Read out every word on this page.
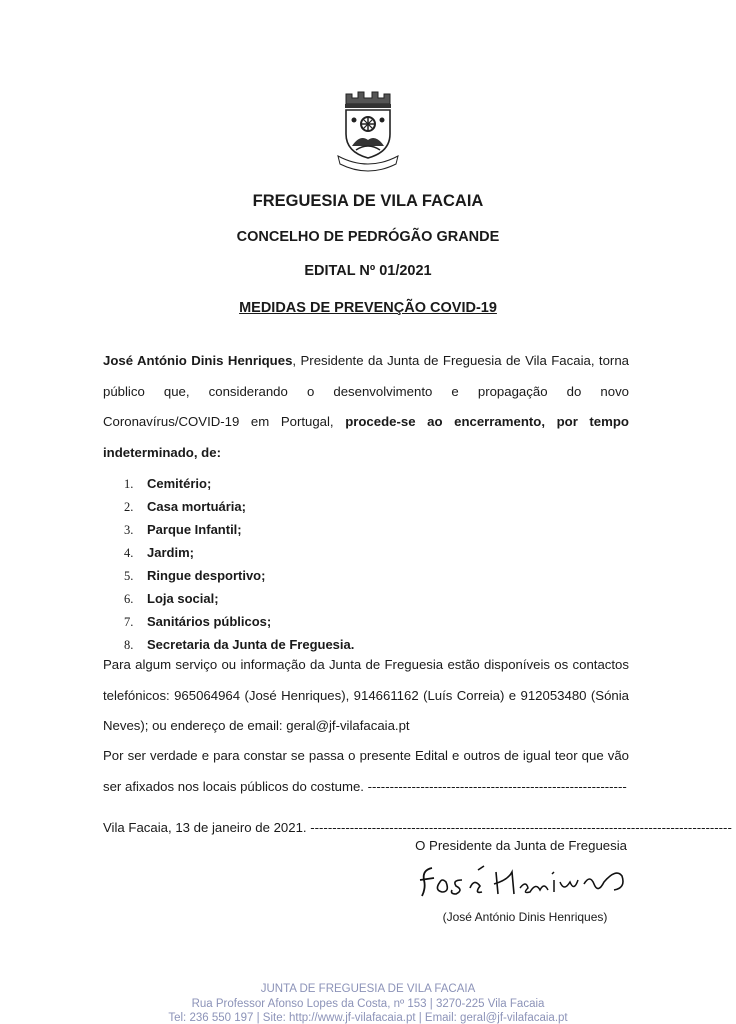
FREGUESIA DE VILA FACAIA
CONCELHO DE PEDRÓGÃO GRANDE
EDITAL Nº 01/2021
MEDIDAS DE PREVENÇÃO COVID-19
José António Dinis Henriques, Presidente da Junta de Freguesia de Vila Facaia, torna público que, considerando o desenvolvimento e propagação do novo Coronavírus/COVID-19 em Portugal, procede-se ao encerramento, por tempo indeterminado, de:
1. Cemitério;
2. Casa mortuária;
3. Parque Infantil;
4. Jardim;
5. Ringue desportivo;
6. Loja social;
7. Sanitários públicos;
8. Secretaria da Junta de Freguesia.
Para algum serviço ou informação da Junta de Freguesia estão disponíveis os contactos telefónicos: 965064964 (José Henriques), 914661162 (Luís Correia) e 912053480 (Sónia Neves); ou endereço de email: geral@jf-vilafacaia.pt
Por ser verdade e para constar se passa o presente Edital e outros de igual teor que vão ser afixados nos locais públicos do costume. -----------------------------------------------------------
Vila Facaia, 13 de janeiro de 2021. ------------------------------------------------------------------------------------------------
O Presidente da Junta de Freguesia
(José António Dinis Henriques)
JUNTA DE FREGUESIA DE VILA FACAIA
Rua Professor Afonso Lopes da Costa, nº 153 | 3270-225 Vila Facaia
Tel: 236 550 197 | Site: http://www.jf-vilafacaia.pt | Email: geral@jf-vilafacaia.pt
